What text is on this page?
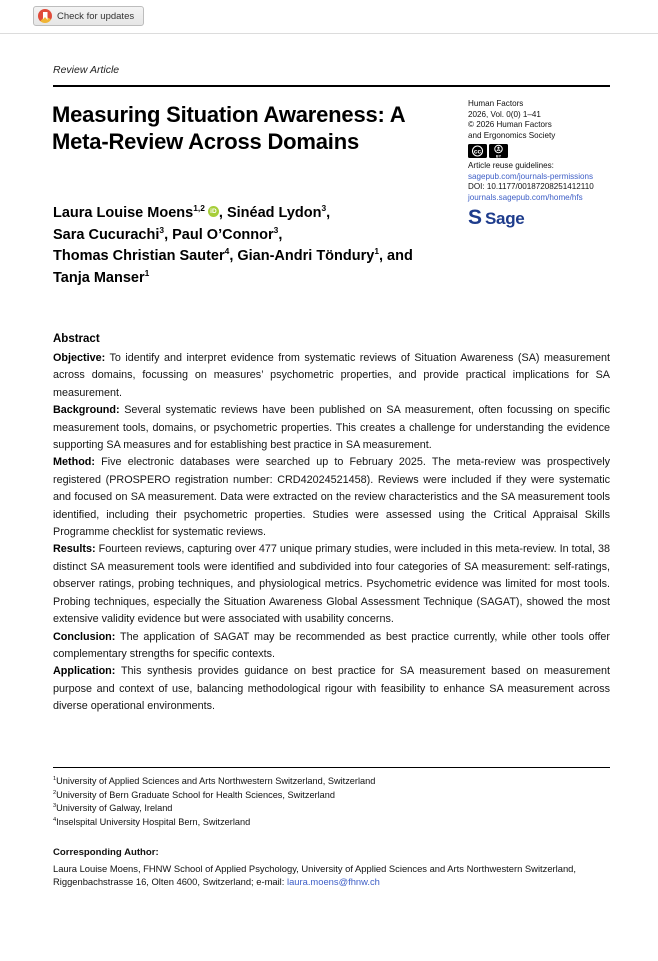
Check for updates
Review Article
Measuring Situation Awareness: A
Meta-Review Across Domains
Human Factors
2026, Vol. 0(0) 1–41
© 2026 Human Factors
and Ergonomics Society
cc
BY
Article reuse guidelines:
sagepub.com/journals-permissions
DOI: 10.1177/00187208251412110
journals.sagepub.com/home/hfs
S Sage
Laura Louise Moens$^{1,2}$ iD , Sinéad Lydon$^3$,
Sara Cucurachi$^3$, Paul O’Connor$^3$,
Thomas Christian Sauter$^4$, Gian-Andri Töndury$^1$, and
Tanja Manser$^1$
Abstract

Objective: To identify and interpret evidence from systematic reviews of Situation Awareness (SA) measurement across domains, focussing on measures’ psychometric properties, and provide practical implications for SA measurement.

Background: Several systematic reviews have been published on SA measurement, often focussing on specific measurement tools, domains, or psychometric properties. This creates a challenge for understanding the evidence supporting SA measures and for establishing best practice in SA measurement.

Method: Five electronic databases were searched up to February 2025. The meta-review was prospectively registered (PROSPERO registration number: CRD42024521458). Reviews were included if they were systematic and focused on SA measurement. Data were extracted on the review characteristics and the SA measurement tools identified, including their psychometric properties. Studies were assessed using the Critical Appraisal Skills Programme checklist for systematic reviews.

Results: Fourteen reviews, capturing over 477 unique primary studies, were included in this meta-review. In total, 38 distinct SA measurement tools were identified and subdivided into four categories of SA measurement: self-ratings, observer ratings, probing techniques, and physiological metrics. Psychometric evidence was limited for most tools. Probing techniques, especially the Situation Awareness Global Assessment Technique (SAGAT), showed the most extensive validity evidence but were associated with usability concerns.

Conclusion: The application of SAGAT may be recommended as best practice currently, while other tools offer complementary strengths for specific contexts.

Application: This synthesis provides guidance on best practice for SA measurement based on measurement purpose and context of use, balancing methodological rigour with feasibility to enhance SA measurement across diverse operational environments.

$^1$University of Applied Sciences and Arts Northwestern Switzerland, Switzerland
$^2$University of Bern Graduate School for Health Sciences, Switzerland
$^3$University of Galway, Ireland
$^4$Inselspital University Hospital Bern, Switzerland
Corresponding Author:
Laura Louise Moens, FHNW School of Applied Psychology, University of Applied Sciences and Arts Northwestern Switzerland, Riggenbachstrasse 16, Olten 4600, Switzerland; e-mail: laura.moens@fhnw.ch
